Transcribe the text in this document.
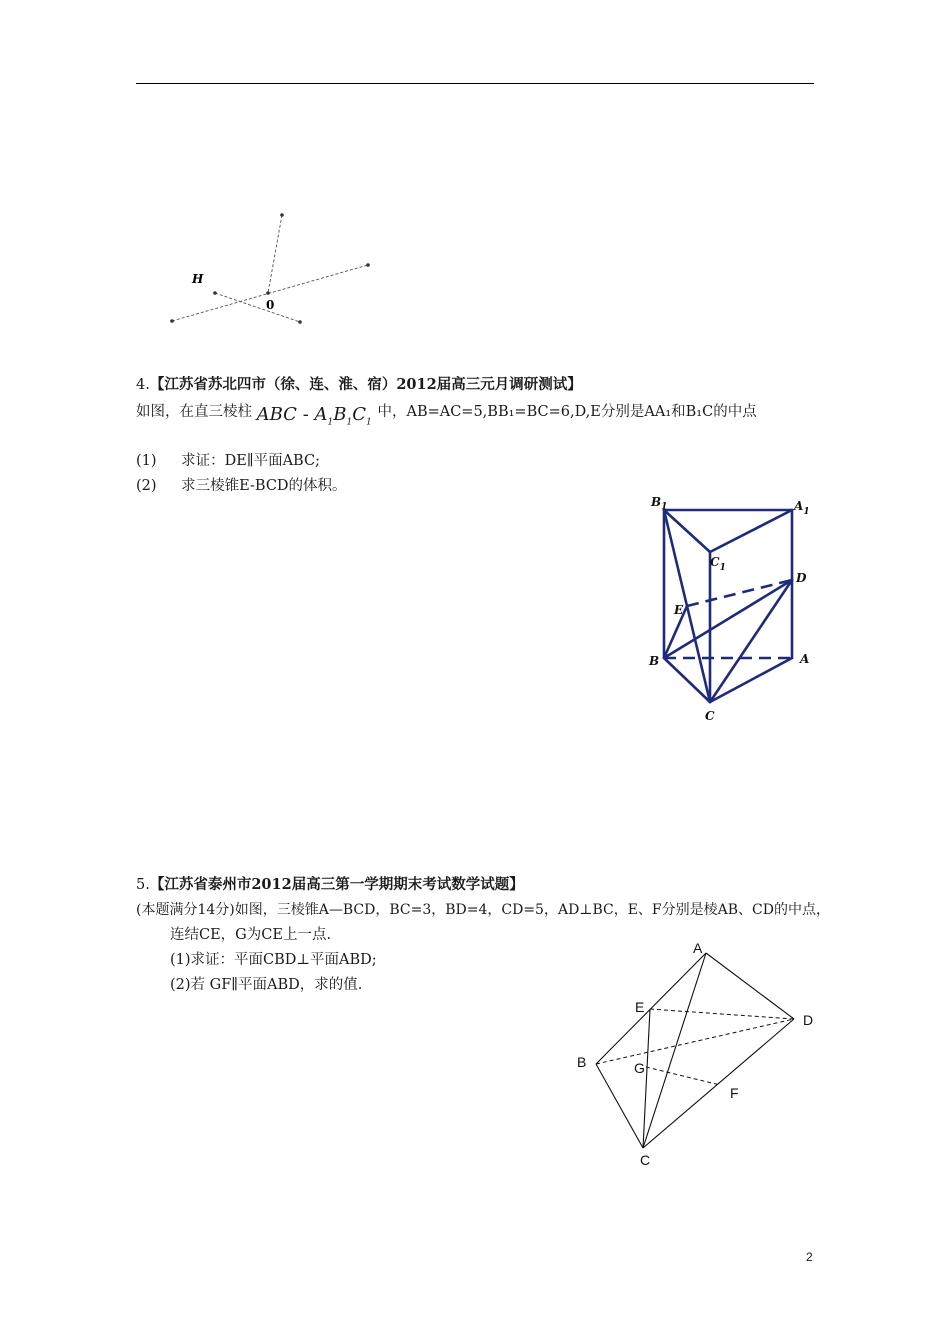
H
0
4.【江苏省苏北四市（徐、连、淮、宿）2012届高三元月调研测试】
如图，在直三棱柱 ABC - $A_1B_1C_1$ 中，AB=AC=5,BB₁=BC=6,D,E分别是AA₁和B₁C的中点
(1) 求证：DE∥平面ABC;
(2) 求三棱锥E-BCD的体积。
$B_1$	$A_1$
$C_1$
D
E
B	A
C
5.【江苏省泰州市2012届高三第一学期期末考试数学试题】
(本题满分14分)如图，三棱锥A—BCD，BC=3，BD=4，CD=5，AD⊥BC，E、F分别是棱AB、CD的中点，
连结CE，G为CE上一点.
(1)求证：平面CBD⊥平面ABD;
(2)若 GF∥平面ABD，求的值.
A
E
D
B	G
F
C
2
